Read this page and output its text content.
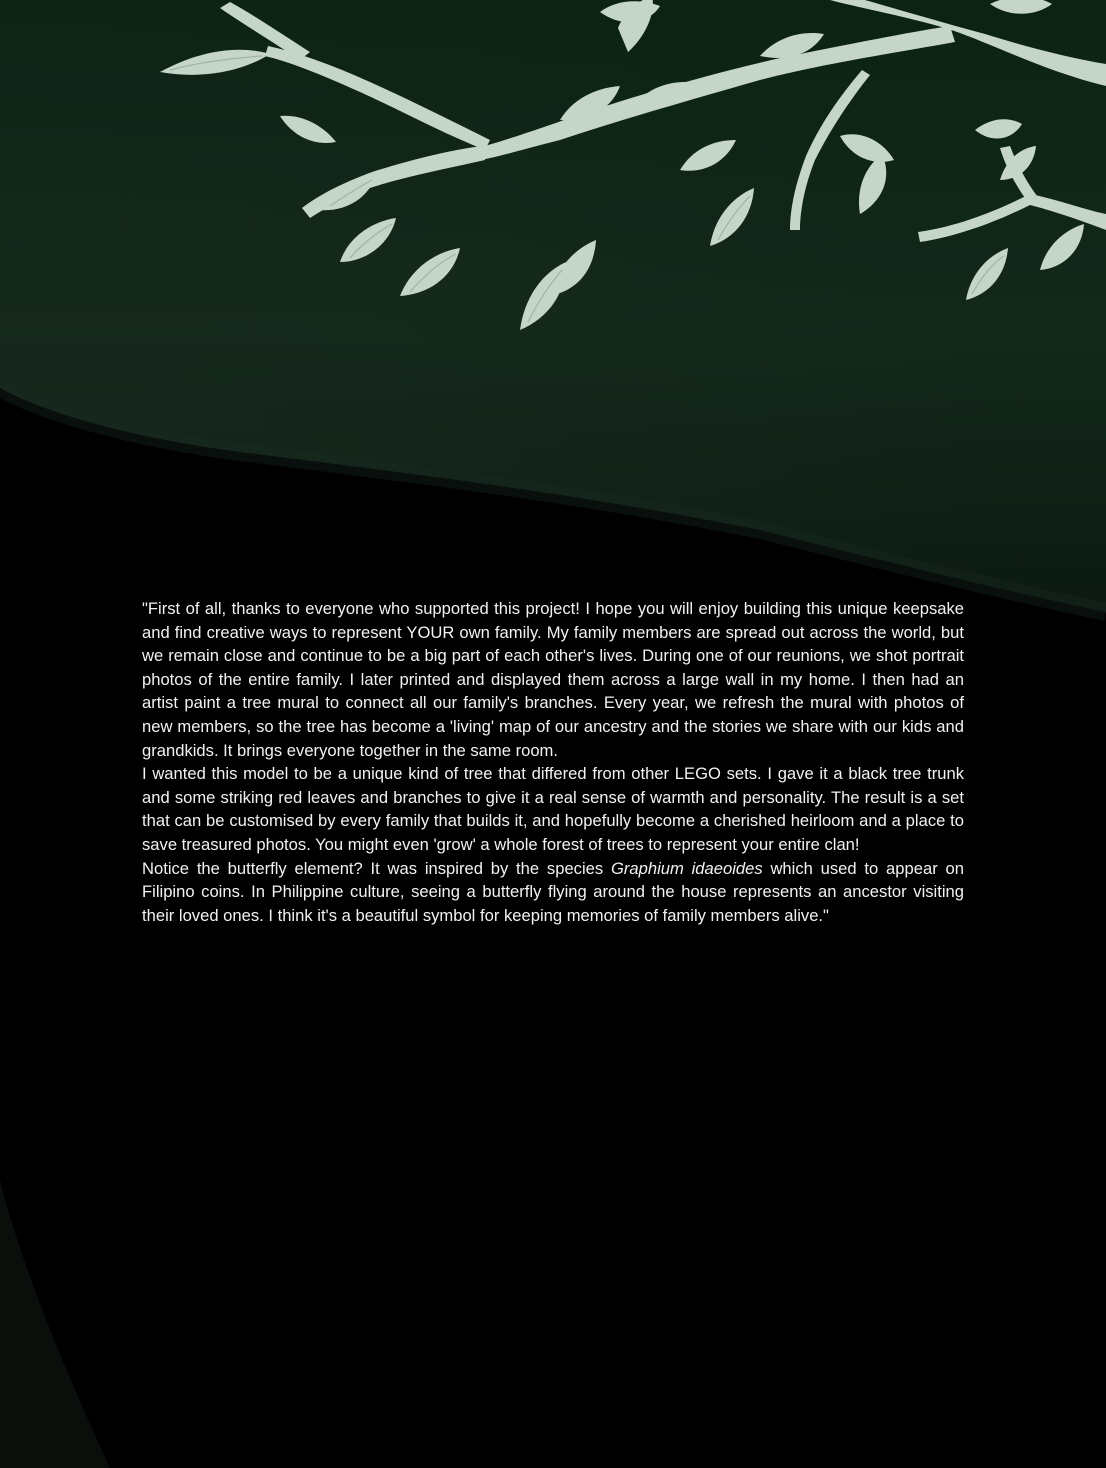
"First of all, thanks to everyone who supported this project! I hope you will enjoy building this unique keepsake and find creative ways to represent YOUR own family. My family members are spread out across the world, but we remain close and continue to be a big part of each other's lives. During one of our reunions, we shot portrait photos of the entire family. I later printed and displayed them across a large wall in my home. I then had an artist paint a tree mural to connect all our family's branches. Every year, we refresh the mural with photos of new members, so the tree has become a 'living' map of our ancestry and the stories we share with our kids and grandkids. It brings everyone together in the same room.

I wanted this model to be a unique kind of tree that differed from other LEGO sets. I gave it a black tree trunk and some striking red leaves and branches to give it a real sense of warmth and personality. The result is a set that can be customised by every family that builds it, and hopefully become a cherished heirloom and a place to save treasured photos. You might even 'grow' a whole forest of trees to represent your entire clan!

Notice the butterfly element? It was inspired by the species Graphium idaeoides which used to appear on Filipino coins. In Philippine culture, seeing a butterfly flying around the house represents an ancestor visiting their loved ones. I think it's a beautiful symbol for keeping memories of family members alive."
